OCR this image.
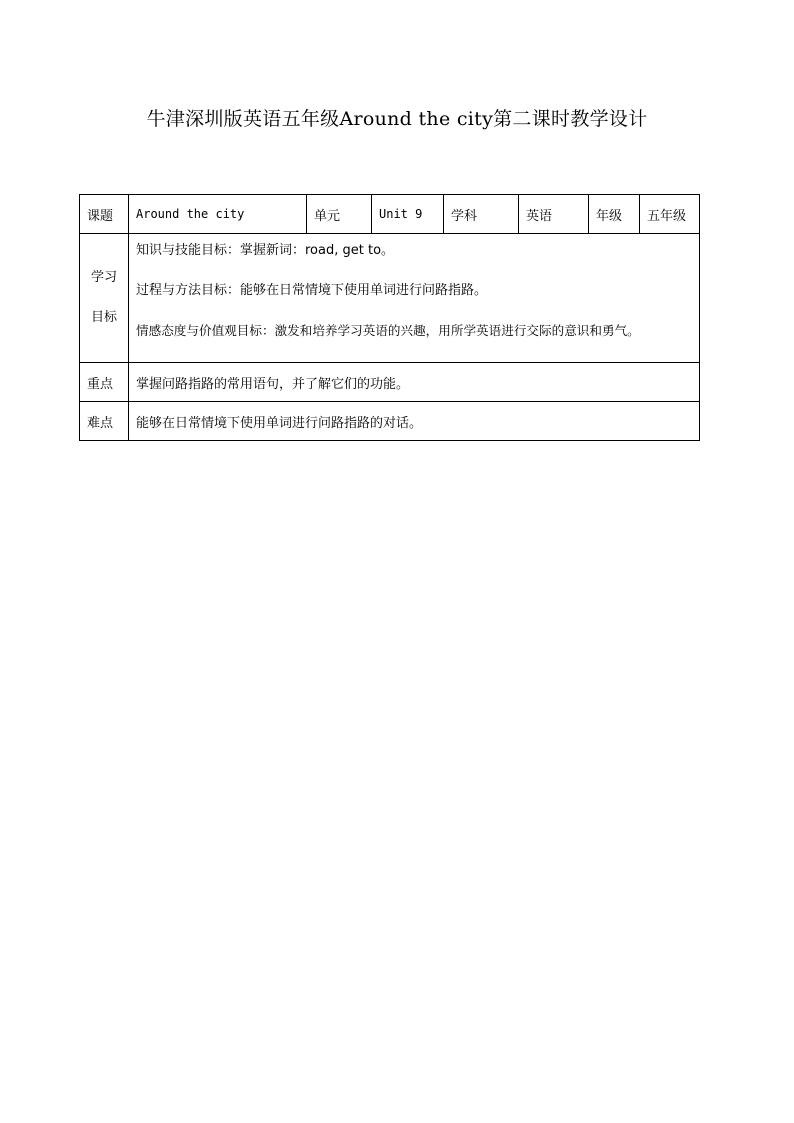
牛津深圳版英语五年级Around the city第二课时教学设计
课题	Around the city	单元	Unit 9	学科	英语	年级	五年级

学习
目标	知识与技能目标：掌握新词：road, get to。
过程与方法目标：能够在日常情境下使用单词进行问路指路。
情感态度与价值观目标：激发和培养学习英语的兴趣，用所学英语进行交际的意识和勇气。						

重点	掌握问路指路的常用语句，并了解它们的功能。						
难点	能够在日常情境下使用单词进行问路指路的对话。						
